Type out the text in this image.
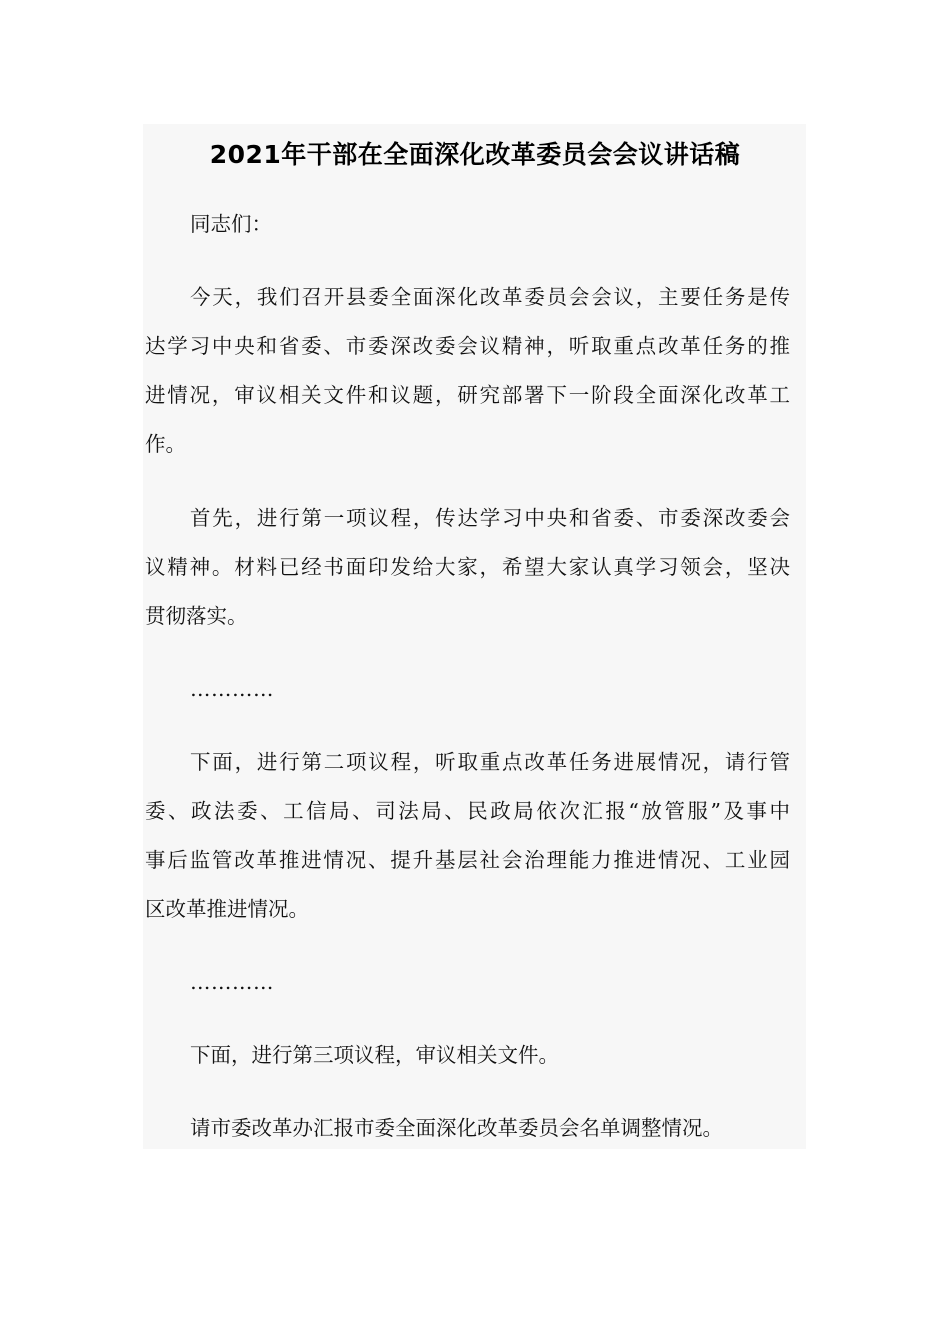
2021年干部在全面深化改革委员会会议讲话稿
同志们：
今天，我们召开县委全面深化改革委员会会议，主要任务是传
达学习中央和省委、市委深改委会议精神，听取重点改革任务的推
进情况，审议相关文件和议题，研究部署下一阶段全面深化改革工
作。
首先，进行第一项议程，传达学习中央和省委、市委深改委会
议精神。材料已经书面印发给大家，希望大家认真学习领会，坚决
贯彻落实。
…………
下面，进行第二项议程，听取重点改革任务进展情况，请行管
委、政法委、工信局、司法局、民政局依次汇报“放管服”及事中
事后监管改革推进情况、提升基层社会治理能力推进情况、工业园
区改革推进情况。
…………
下面，进行第三项议程，审议相关文件。
请市委改革办汇报市委全面深化改革委员会名单调整情况。
